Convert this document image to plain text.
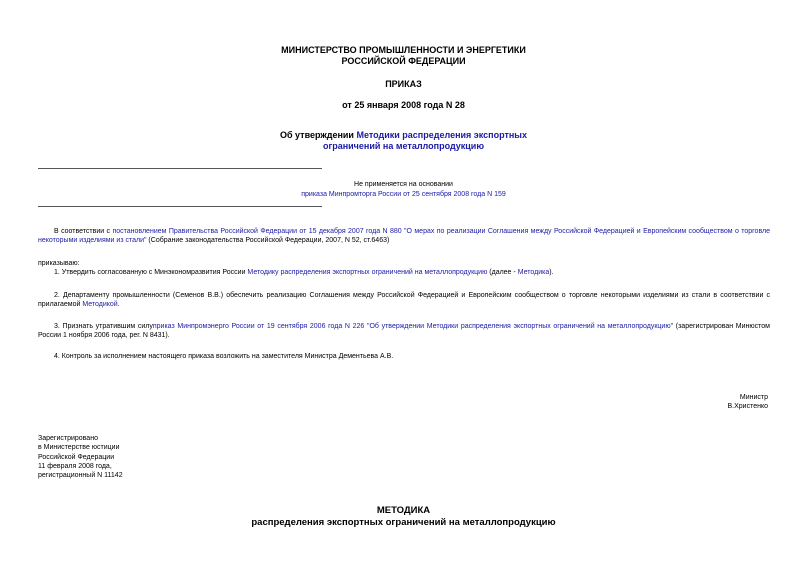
МИНИСТЕРСТВО ПРОМЫШЛЕННОСТИ И ЭНЕРГЕТИКИ
РОССИЙСКОЙ ФЕДЕРАЦИИ
ПРИКАЗ
от 25 января 2008 года N 28
Об утверждении Методики распределения экспортных
ограничений на металлопродукцию
Не применяется на основании
приказа Минпромторга России от 25 сентября 2008 года N 159
В соответствии с постановлением Правительства Российской Федерации от 15 декабря 2007 года N 880 "О мерах по реализации Соглашения между Российской Федерацией и Европейским сообществом о торговле некоторыми изделиями из стали" (Собрание законодательства Российской Федерации, 2007, N 52, ст.6463)
приказываю:
1. Утвердить согласованную с Минэкономразвития России Методику распределения экспортных ограничений на металлопродукцию (далее - Методика).
2. Департаменту промышленности (Семенов В.В.) обеспечить реализацию Соглашения между Российской Федерацией и Европейским сообществом о торговле некоторыми изделиями из стали в соответствии с прилагаемой Методикой.
3. Признать утратившим силуприказ Минпромэнерго России от 19 сентября 2006 года N 226 "Об утверждении Методики распределения экспортных ограничений на металлопродукцию" (зарегистрирован Минюстом России 1 ноября 2006 года, рег. N 8431).
4. Контроль за исполнением настоящего приказа возложить на заместителя Министра Дементьева А.В.
Министр
В.Христенко
Зарегистрировано
в Министерстве юстиции
Российской Федерации
11 февраля 2008 года,
регистрационный N 11142
МЕТОДИКА
распределения экспортных ограничений на металлопродукцию
